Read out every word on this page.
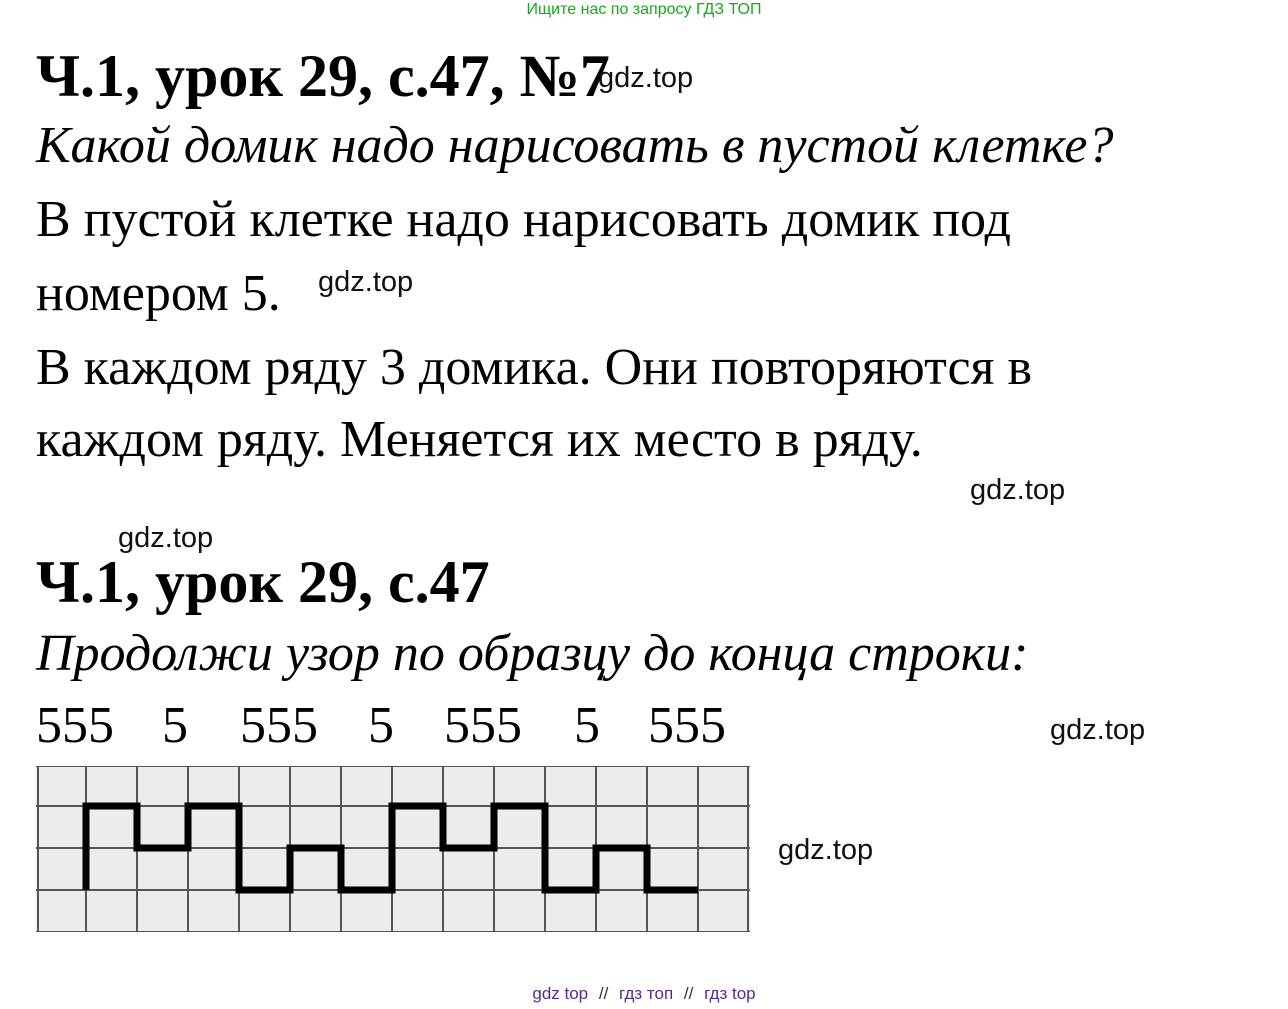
Ищите нас по запросу ГДЗ ТОП
Ч.1, урок 29, с.47, №7
gdz.top
Какой домик надо нарисовать в пустой клетке?
В пустой клетке надо нарисовать домик под
номером 5. gdz.top
В каждом ряду 3 домика. Они повторяются в
каждом ряду. Меняется их место в ряду.
gdz.top
gdz.top
Ч.1, урок 29, с.47
Продолжи узор по образцу до конца строки:
555 5 555 5 555 5 555	gdz.top
gdz.top
gdz top // гдз топ // гдз top
